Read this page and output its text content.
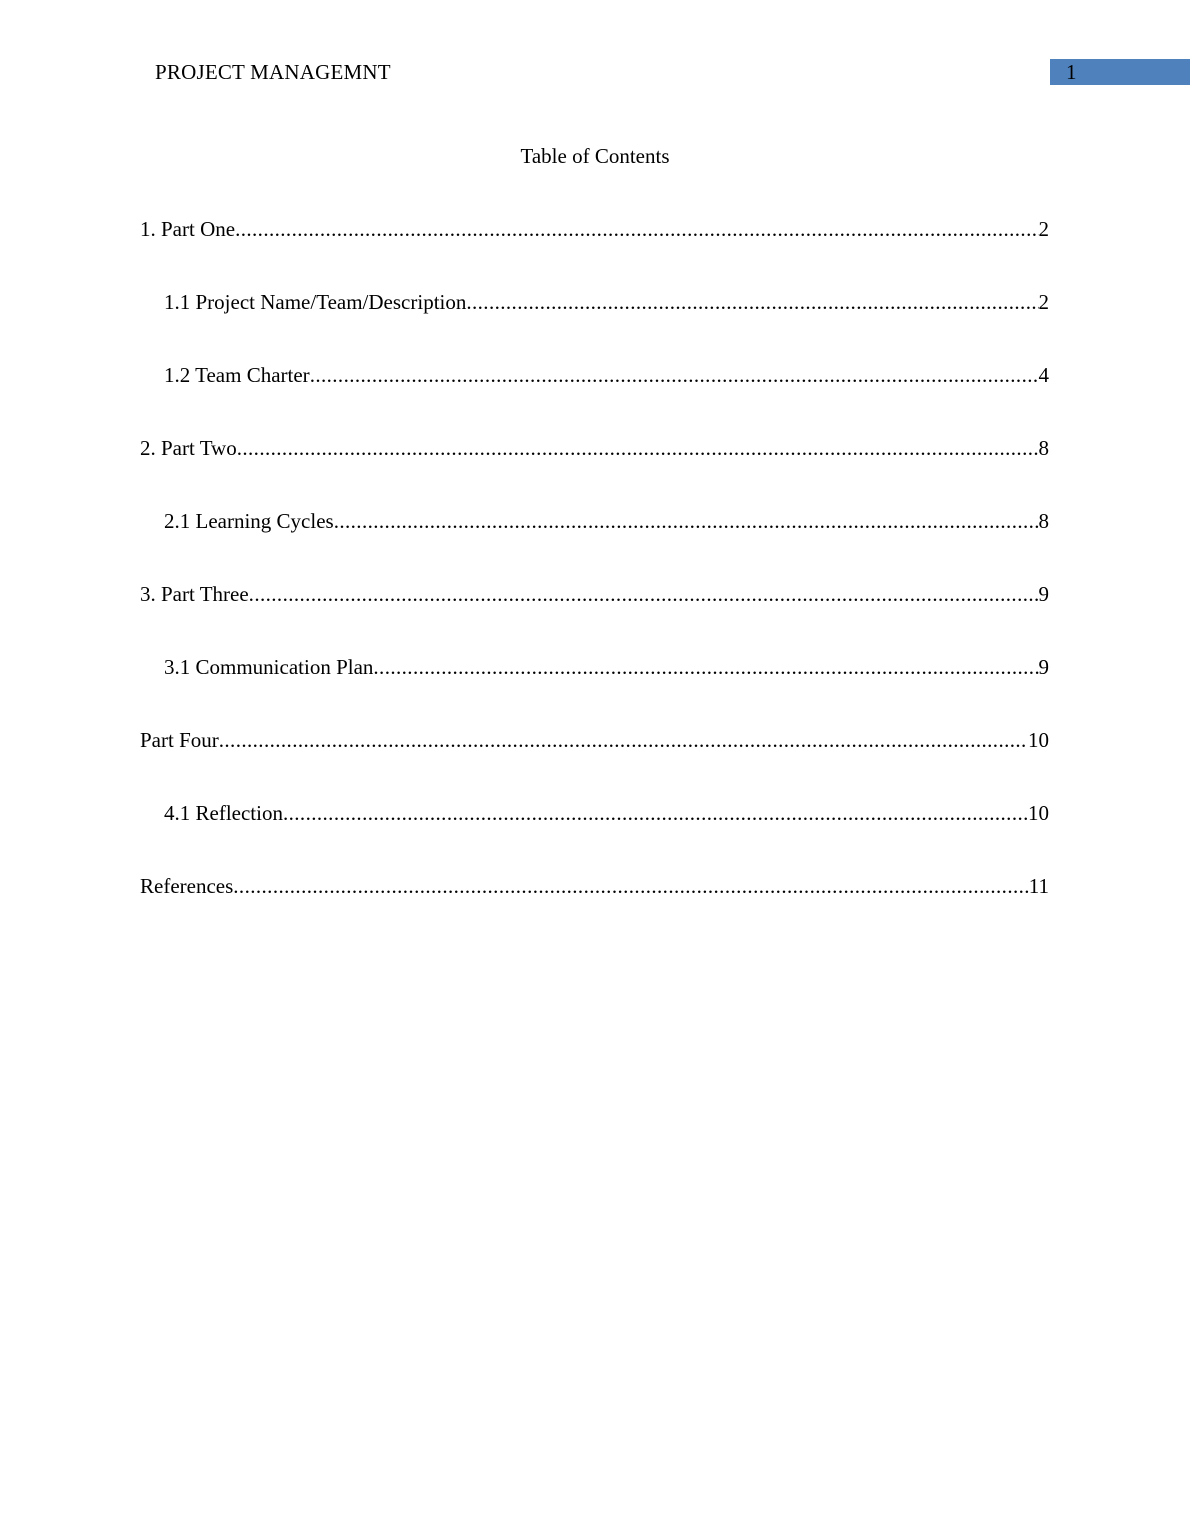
PROJECT MANAGEMNT	1
Table of Contents
1. Part One .....	2
1.1 Project Name/Team/Description .....	2
1.2 Team Charter .....	4
2. Part Two .....	8
2.1 Learning Cycles .....	8
3. Part Three .....	9
3.1 Communication Plan .....	9
Part Four .....	10
4.1 Reflection .....	10
References .....	11
